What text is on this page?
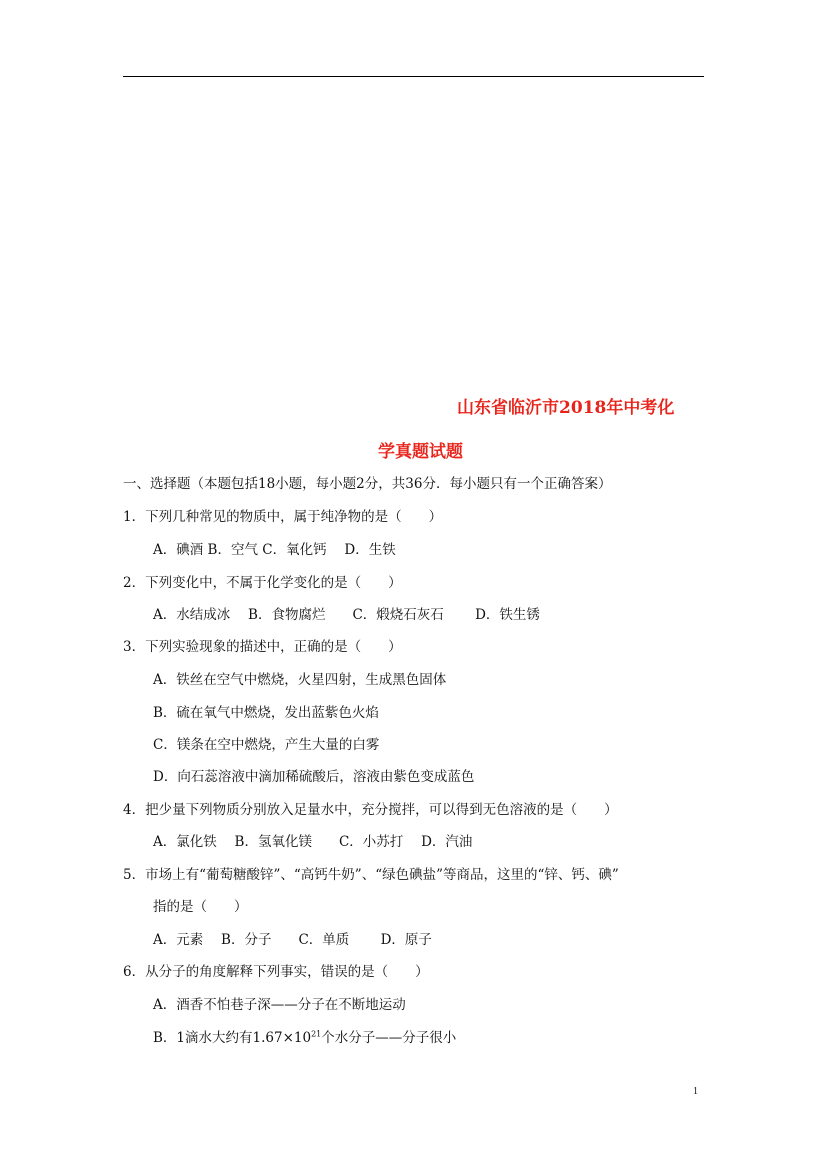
山东省临沂市2018年中考化
学真题试题
一、选择题（本题包括18小题，每小题2分，共36分．每小题只有一个正确答案）
1．下列几种常见的物质中，属于纯净物的是（　　）
A．碘酒 B．空气 C．氧化钙　 D．生铁
2．下列变化中，不属于化学变化的是（　　）
A．水结成冰　 B．食物腐烂　　C．煅烧石灰石　　 D．铁生锈
3．下列实验现象的描述中，正确的是（　　）
A．铁丝在空气中燃烧，火星四射，生成黑色固体
B．硫在氧气中燃烧，发出蓝紫色火焰
C．镁条在空中燃烧，产生大量的白雾
D．向石蕊溶液中滴加稀硫酸后，溶液由紫色变成蓝色
4．把少量下列物质分别放入足量水中，充分搅拌，可以得到无色溶液的是（　　）
A．氯化铁　 B．氢氧化镁　　C．小苏打　 D．汽油
5．市场上有“葡萄糖酸锌”、“高钙牛奶”、“绿色碘盐”等商品，这里的“锌、钙、碘”
指的是（　　）
A．元素　 B．分子　　C．单质　　 D．原子
6．从分子的角度解释下列事实，错误的是（　　）
A．酒香不怕巷子深——分子在不断地运动
B．1滴水大约有$1.67\times 10^{21}$个水分子——分子很小
1
